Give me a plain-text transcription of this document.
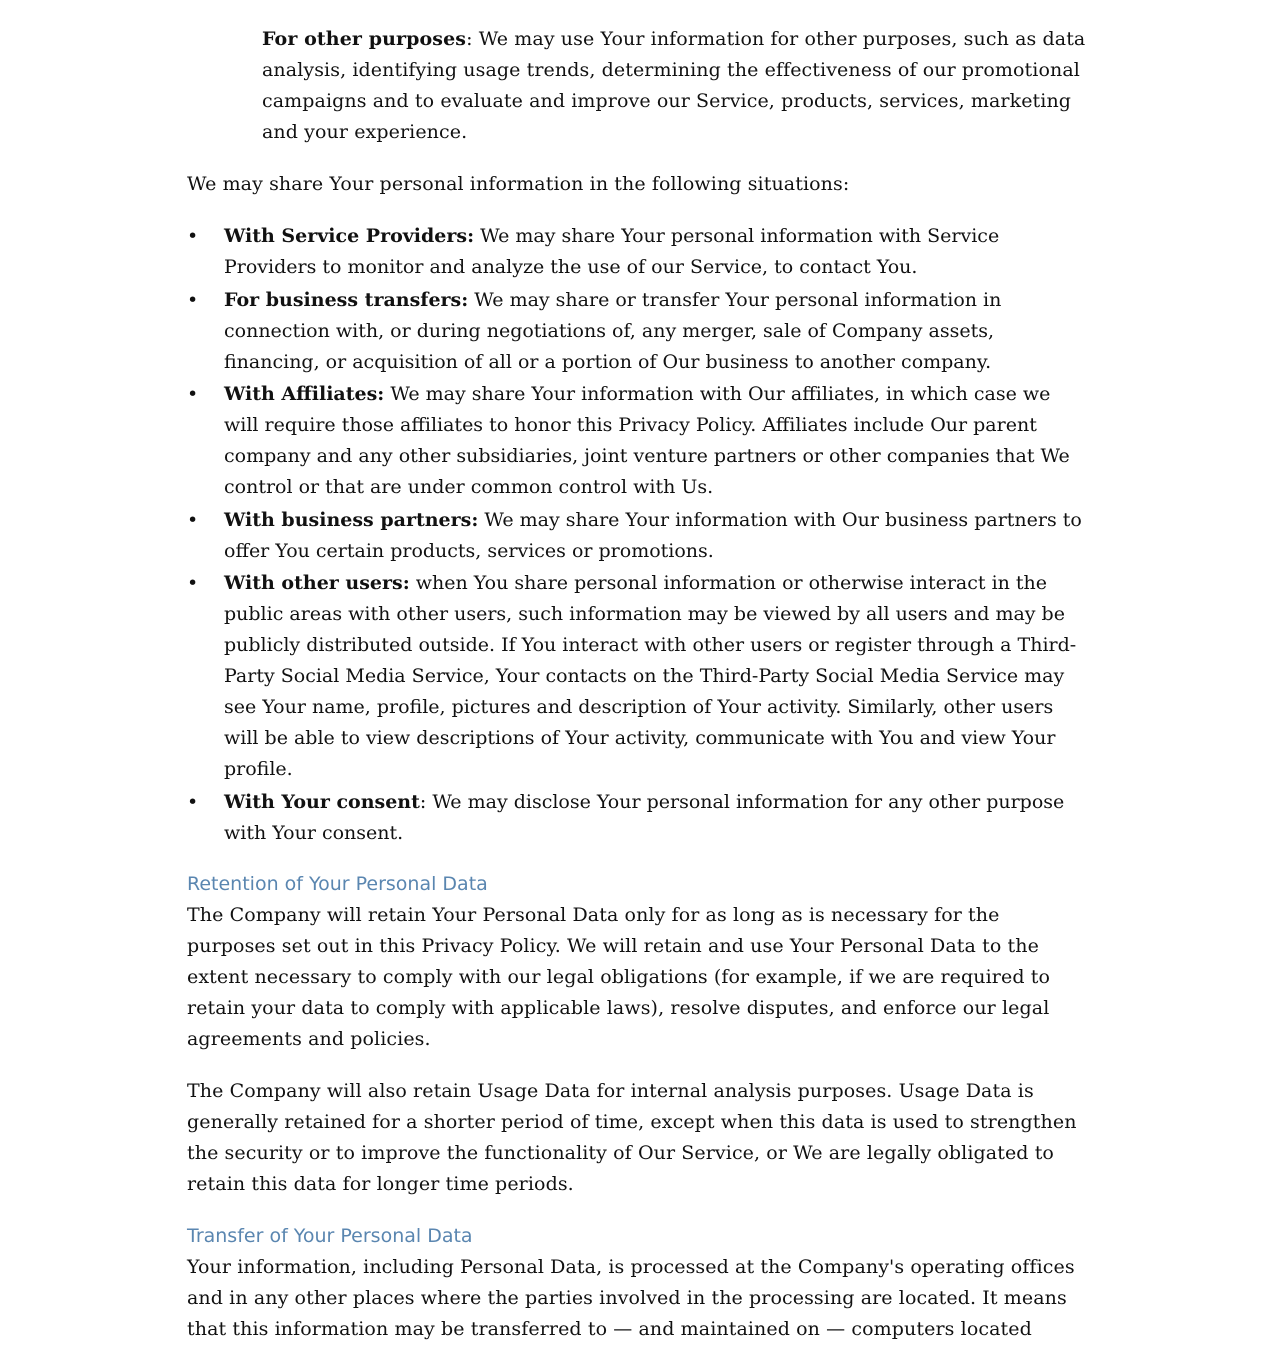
For other purposes: We may use Your information for other purposes, such as data analysis, identifying usage trends, determining the effectiveness of our promotional campaigns and to evaluate and improve our Service, products, services, marketing and your experience.

We may share Your personal information in the following situations:

• With Service Providers: We may share Your personal information with Service Providers to monitor and analyze the use of our Service, to contact You.
• For business transfers: We may share or transfer Your personal information in connection with, or during negotiations of, any merger, sale of Company assets, financing, or acquisition of all or a portion of Our business to another company.
• With Affiliates: We may share Your information with Our affiliates, in which case we will require those affiliates to honor this Privacy Policy. Affiliates include Our parent company and any other subsidiaries, joint venture partners or other companies that We control or that are under common control with Us.
• With business partners: We may share Your information with Our business partners to offer You certain products, services or promotions.
• With other users: when You share personal information or otherwise interact in the public areas with other users, such information may be viewed by all users and may be publicly distributed outside. If You interact with other users or register through a Third-Party Social Media Service, Your contacts on the Third-Party Social Media Service may see Your name, profile, pictures and description of Your activity. Similarly, other users will be able to view descriptions of Your activity, communicate with You and view Your profile.
• With Your consent: We may disclose Your personal information for any other purpose with Your consent.
Retention of Your Personal Data

The Company will retain Your Personal Data only for as long as is necessary for the purposes set out in this Privacy Policy. We will retain and use Your Personal Data to the extent necessary to comply with our legal obligations (for example, if we are required to retain your data to comply with applicable laws), resolve disputes, and enforce our legal agreements and policies.

The Company will also retain Usage Data for internal analysis purposes. Usage Data is generally retained for a shorter period of time, except when this data is used to strengthen the security or to improve the functionality of Our Service, or We are legally obligated to retain this data for longer time periods.

Transfer of Your Personal Data

Your information, including Personal Data, is processed at the Company's operating offices and in any other places where the parties involved in the processing are located. It means that this information may be transferred to — and maintained on — computers located
